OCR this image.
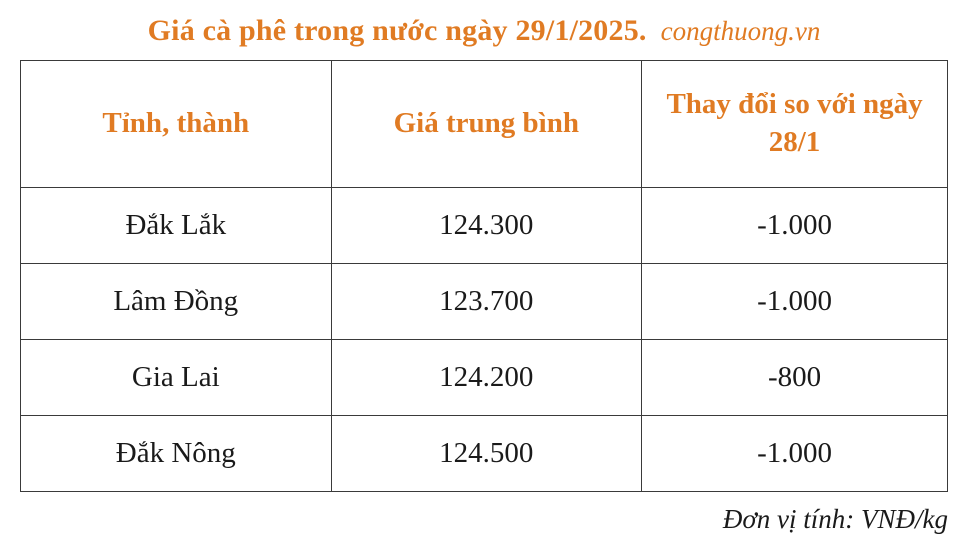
Giá cà phê trong nước ngày 29/1/2025. congthuong.vn
Tỉnh, thành	Giá trung bình	Thay đổi so với ngày 28/1
Đắk Lắk	124.300	-1.000
Lâm Đồng	123.700	-1.000
Gia Lai	124.200	-800
Đắk Nông	124.500	-1.000
Đơn vị tính: VNĐ/kg
